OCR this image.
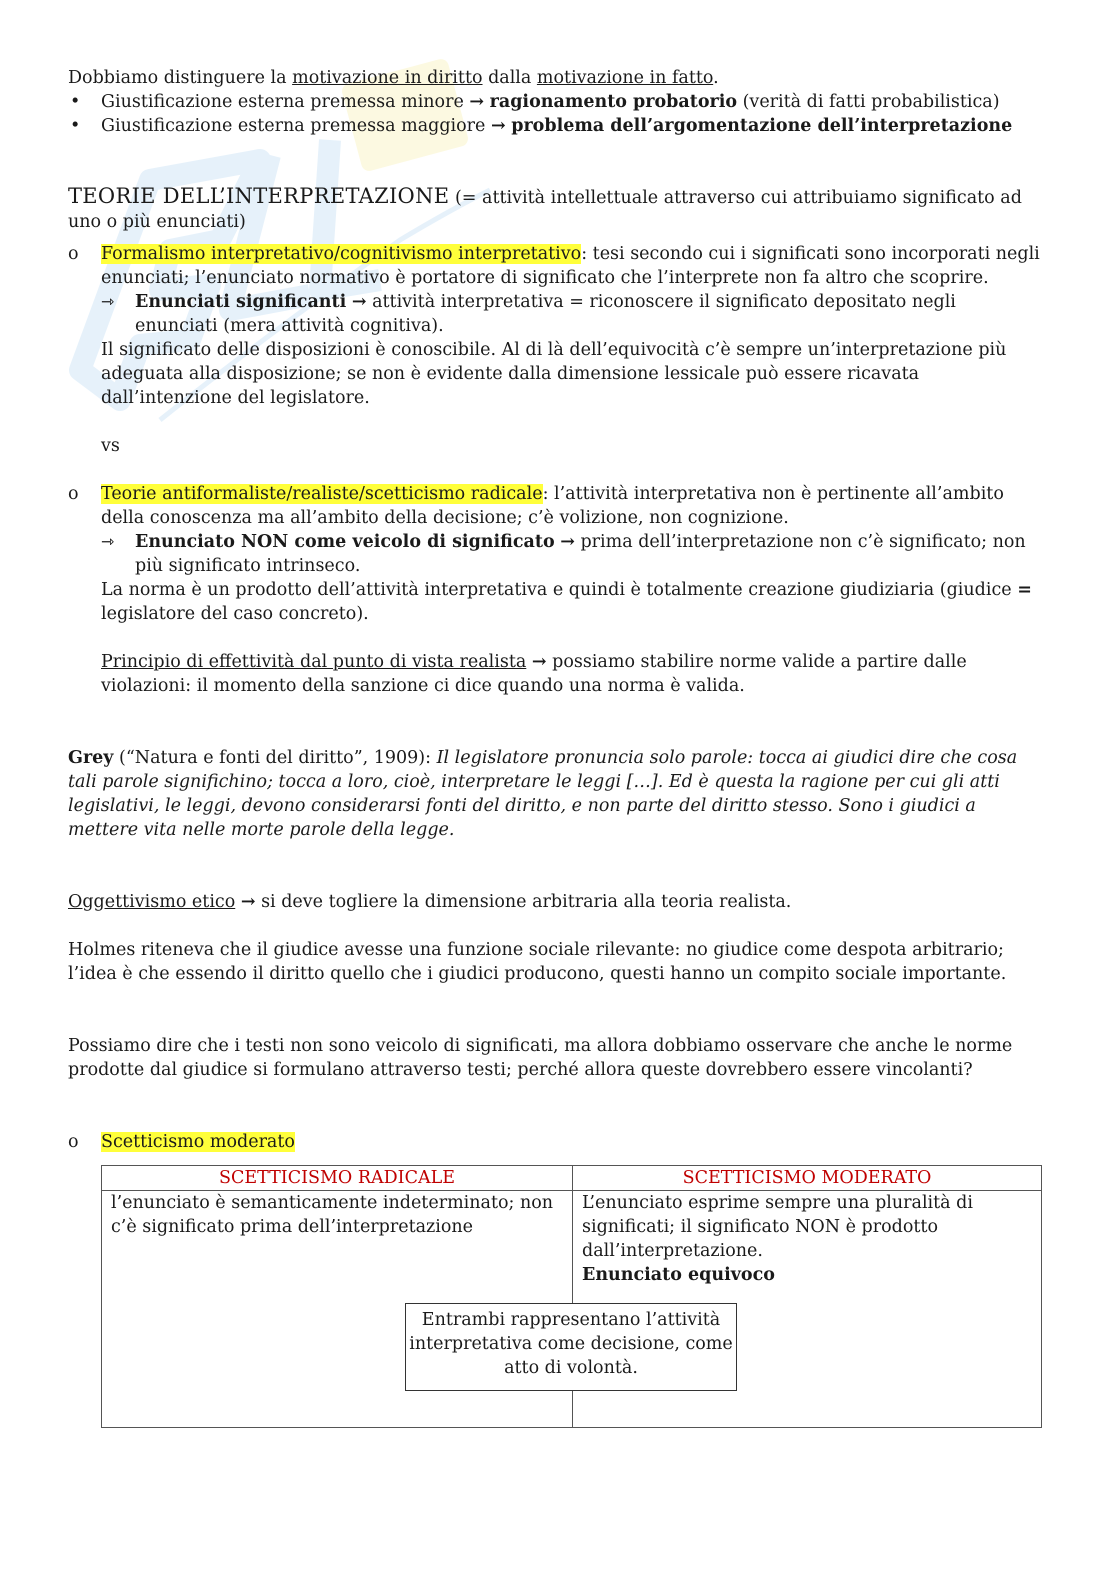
Dobbiamo distinguere la motivazione in diritto dalla motivazione in fatto.

• Giustificazione esterna premessa minore → ragionamento probatorio (verità di fatti probabilistica)
• Giustificazione esterna premessa maggiore → problema dell’argomentazione dell’interpretazione

TEORIE DELL’INTERPRETAZIONE (= attività intellettuale attraverso cui attribuiamo significato ad uno o più enunciati)

o Formalismo interpretativo/cognitivismo interpretativo: tesi secondo cui i significati sono incorporati negli enunciati; l’enunciato normativo è portatore di significato che l’interprete non fa altro che scoprire.

⇾ Enunciati significanti → attività interpretativa = riconoscere il significato depositato negli enunciati (mera attività cognitiva).

Il significato delle disposizioni è conoscibile. Al di là dell’equivocità c’è sempre un’interpretazione più adeguata alla disposizione; se non è evidente dalla dimensione lessicale può essere ricavata dall’intenzione del legislatore.

vs

o Teorie antiformaliste/realiste/scetticismo radicale: l’attività interpretativa non è pertinente all’ambito della conoscenza ma all’ambito della decisione; c’è volizione, non cognizione.

⇾ Enunciato NON come veicolo di significato → prima dell’interpretazione non c’è significato; non più significato intrinseco.

La norma è un prodotto dell’attività interpretativa e quindi è totalmente creazione giudiziaria (giudice = legislatore del caso concreto).

Principio di effettività dal punto di vista realista → possiamo stabilire norme valide a partire dalle violazioni: il momento della sanzione ci dice quando una norma è valida.

Grey (“Natura e fonti del diritto”, 1909): Il legislatore pronuncia solo parole: tocca ai giudici dire che cosa tali parole significhino; tocca a loro, cioè, interpretare le leggi […]. Ed è questa la ragione per cui gli atti legislativi, le leggi, devono considerarsi fonti del diritto, e non parte del diritto stesso. Sono i giudici a mettere vita nelle morte parole della legge.

Oggettivismo etico → si deve togliere la dimensione arbitraria alla teoria realista.

Holmes riteneva che il giudice avesse una funzione sociale rilevante: no giudice come despota arbitrario; l’idea è che essendo il diritto quello che i giudici producono, questi hanno un compito sociale importante.

Possiamo dire che i testi non sono veicolo di significati, ma allora dobbiamo osservare che anche le norme prodotte dal giudice si formulano attraverso testi; perché allora queste dovrebbero essere vincolanti?

o Scetticismo moderato

SCETTICISMO RADICALE	SCETTICISMO MODERATO
l’enunciato è semanticamente indeterminato; non c’è significato prima dell’interpretazione	L’enunciato esprime sempre una pluralità di significati; il significato NON è prodotto dall’interpretazione.
Enunciato equivoco
Entrambi rappresentano l’attività interpretativa come decisione, come atto di volontà.
